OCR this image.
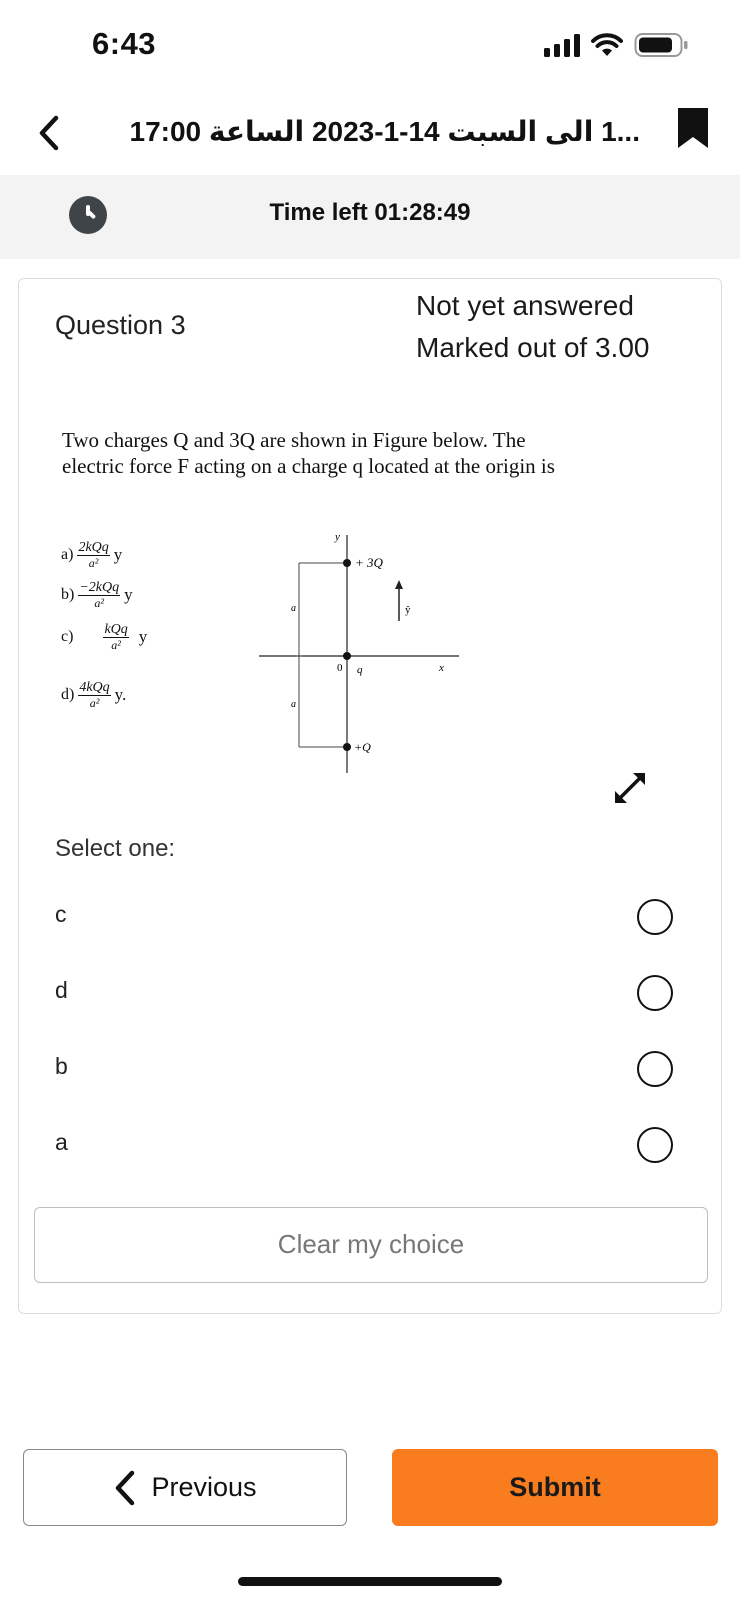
6:43
...1 الى السبت 14-1-2023 الساعة 17:00
Time left 01:28:49
Question 3
Not yet answered
Marked out of 3.00
Two charges Q and 3Q are shown in Figure below. The electric force F acting on a charge q located at the origin is
$a) \frac{\text{2kQq}}{\text{a²}}$ y
$b) \frac{\text{−2kQq}}{\text{a²}}$ y
$c) \frac{\text{kQq}}{\text{a²}}$ y
$d) \frac{\text{4kQq}}{\text{a²}} y$.
y
x
0 q
+ 3Q
+Q
a
a
ŷ
Select one:
c
d
b
a
Clear my choice
Previous	Submit
